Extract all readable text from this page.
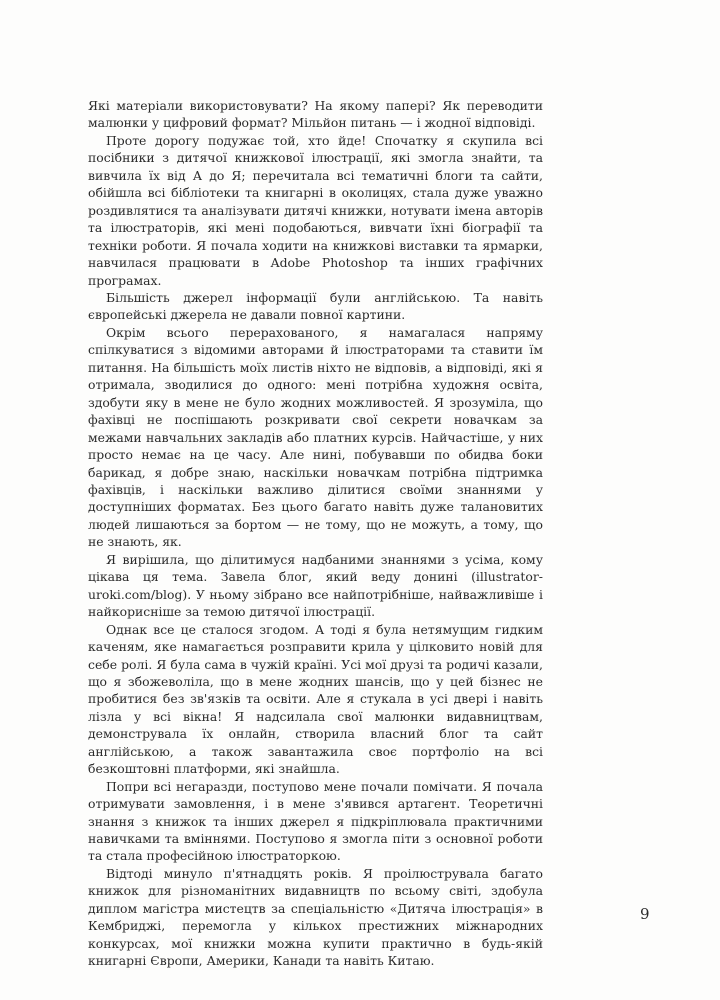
Які матеріали використовувати? На якому папері? Як переводити малюнки у цифровий формат? Мільйон питань — і жодної відповіді.

Проте дорогу подужає той, хто йде! Спочатку я скупила всі посібники з дитячої книжкової ілюстрації, які змогла знайти, та вивчила їх від А до Я; перечитала всі тематичні блоги та сайти, обійшла всі бібліотеки та книгарні в околицях, стала дуже уважно роздивлятися та аналізувати дитячі книжки, нотувати імена авторів та ілюстраторів, які мені подобаються, вивчати їхні біографії та техніки роботи. Я почала ходити на книжкові виставки та ярмарки, навчилася працювати в Adobe Photoshop та інших графічних програмах.

Більшість джерел інформації були англійською. Та навіть європейські джерела не давали повної картини.

Окрім всього перерахованого, я намагалася напряму спілкуватися з відомими авторами й ілюстраторами та ставити їм питання. На більшість моїх листів ніхто не відповів, а відповіді, які я отримала, зводилися до одного: мені потрібна художня освіта, здобути яку в мене не було жодних можливостей. Я зрозуміла, що фахівці не поспішають розкривати свої секрети новачкам за межами навчальних закладів або платних курсів. Найчастіше, у них просто немає на це часу. Але нині, побувавши по обидва боки барикад, я добре знаю, наскільки новачкам потрібна підтримка фахівців, і наскільки важливо ділитися своїми знаннями у доступніших форматах. Без цього багато навіть дуже талановитих людей лишаються за бортом — не тому, що не можуть, а тому, що не знають, як.

Я вирішила, що ділитимуся надбаними знаннями з усіма, кому цікава ця тема. Завела блог, який веду донині (illustrator-uroki.com/blog). У ньому зібрано все найпотрібніше, найважливіше і найкорисніше за темою дитячої ілюстрації.

Однак все це сталося згодом. А тоді я була нетямущим гидким каченям, яке намагається розправити крила у цілковито новій для себе ролі. Я була сама в чужій країні. Усі мої друзі та родичі казали, що я збожеволіла, що в мене жодних шансів, що у цей бізнес не пробитися без зв'язків та освіти. Але я стукала в усі двері і навіть лізла у всі вікна! Я надсилала свої малюнки видавництвам, демонструвала їх онлайн, створила власний блог та сайт англійською, а також завантажила своє портфоліо на всі безкоштовні платформи, які знайшла.

Попри всі негаразди, поступово мене почали помічати. Я почала отримувати замовлення, і в мене з'явився артагент. Теоретичні знання з книжок та інших джерел я підкріплювала практичними навичками та вміннями. Поступово я змогла піти з основної роботи та стала професійною ілюстраторкою.

Відтоді минуло п'ятнадцять років. Я проілюструвала багато книжок для різноманітних видавництв по всьому світі, здобула диплом магістра мистецтв за спеціальністю «Дитяча ілюстрація» в Кембриджі, перемогла у кількох престижних міжнародних конкурсах, мої книжки можна купити практично в будь-якій книгарні Європи, Америки, Канади та навіть Китаю.

9
